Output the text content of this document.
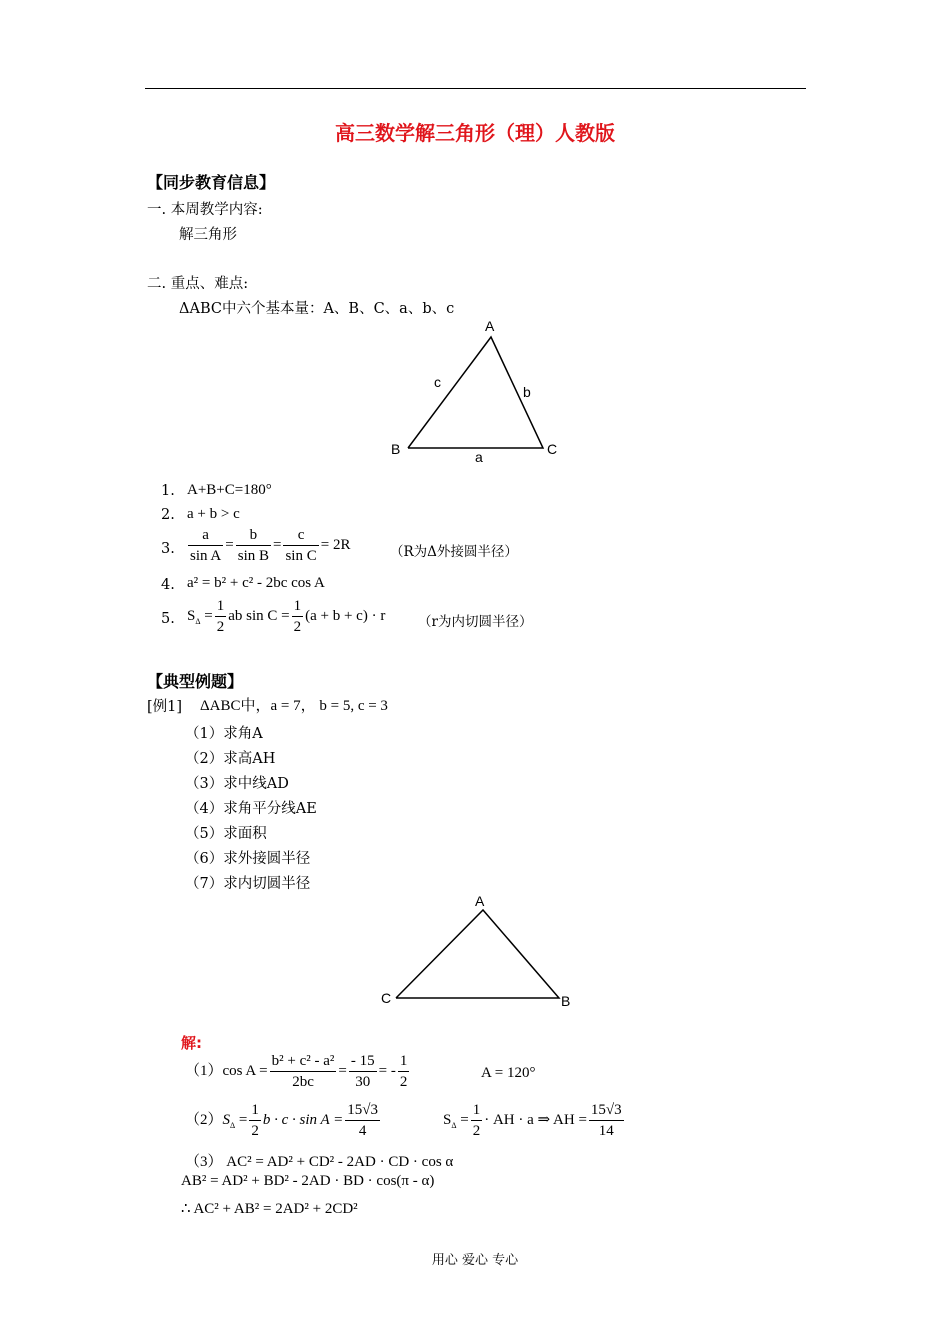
高三数学解三角形（理）人教版
【同步教育信息】
一. 本周教学内容:
解三角形
二. 重点、难点:
ΔABC中六个基本量：A、B、C、a、b、c
A
B	C
a
b
c
1. A+B+C=180°
2. a + b > c
3. $\frac{a}{\text{sin A}} = \frac{b}{\text{sin B}} = \frac{c}{\text{sin C}} = 2R$	（R为Δ外接圆半径）
4. a² = b² + c² - 2bc cos A
5. $S_\Delta = \frac{1}{2}$ ab $\sin C = \frac{1}{2} (a + b + c) \cdot r$ （r为内切圆半径）
【典型例题】
[例1] ΔABC中，a = 7， b = 5, c = 3
（1）求角A
（2）求高AH
（3）求中线AD
（4）求角平分线AE
（5）求面积
（6）求外接圆半径
（7）求内切圆半径
A
C	B
解:
（1）cos $A = \frac{\text{b² + c² - a²}}{2bc} = \frac{- 15}{30}$ = - $\frac{1}{2}$	A = 120°
$(2)S_\Delta = \frac{1}{2}$ $b \cdot c \cdot \sin A = \frac{15√3}{4}$	$S_\Delta = \frac{1}{2}$ · AH · a ⇒ AH = $\frac{15√3}{14}$
（3） AC² = AD² + CD² - 2AD · CD · cos α
AB² = AD² + BD² - 2AD · BD · cos(π - α)
∴ AC² + AB² = 2AD² + 2CD²
用心 爱心 专心
